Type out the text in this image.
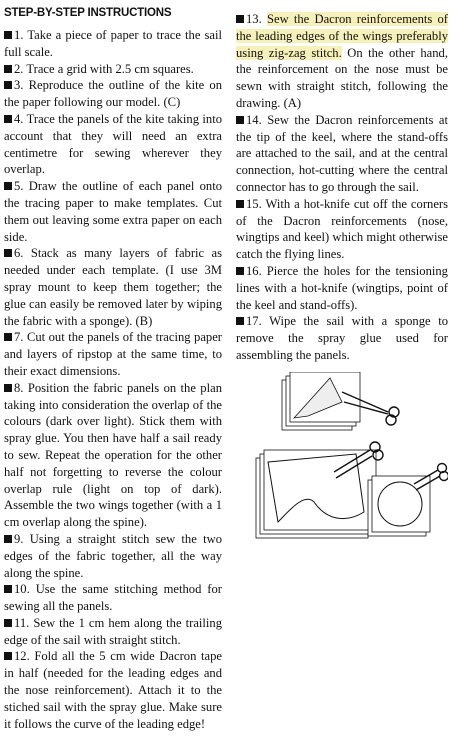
STEP-BY-STEP INSTRUCTIONS

1. Take a piece of paper to trace the sail full scale.

2. Trace a grid with 2.5 cm squares.

3. Reproduce the outline of the kite on the paper following our model. (C)

4. Trace the panels of the kite taking into account that they will need an extra centimetre for sewing wherever they overlap.

5. Draw the outline of each panel onto the tracing paper to make templates. Cut them out leaving some extra paper on each side.

6. Stack as many layers of fabric as needed under each template. (I use 3M spray mount to keep them together; the glue can easily be removed later by wiping the fabric with a sponge). (B)

7. Cut out the panels of the tracing paper and layers of ripstop at the same time, to their exact dimensions.

8. Position the fabric panels on the plan taking into consideration the overlap of the colours (dark over light). Stick them with spray glue. You then have half a sail ready to sew. Repeat the operation for the other half not forgetting to reverse the colour overlap rule (light on top of dark). Assemble the two wings together (with a 1 cm overlap along the spine).

9. Using a straight stitch sew the two edges of the fabric together, all the way along the spine.

10. Use the same stitching method for sewing all the panels.

11. Sew the 1 cm hem along the trailing edge of the sail with straight stitch.

12. Fold all the 5 cm wide Dacron tape in half (needed for the leading edges and the nose reinforcement). Attach it to the stiched sail with the spray glue. Make sure it follows the curve of the leading edge!

13. Sew the Dacron reinforcements of the leading edges of the wings preferably using zig-zag stitch. On the other hand, the reinforcement on the nose must be sewn with straight stitch, following the drawing. (A)

14. Sew the Dacron reinforcements at the tip of the keel, where the stand-offs are attached to the sail, and at the central connection, hot-cutting where the central connector has to go through the sail.

15. With a hot-knife cut off the corners of the Dacron reinforcements (nose, wingtips and keel) which might otherwise catch the flying lines.

16. Pierce the holes for the tensioning lines with a hot-knife (wingtips, point of the keel and stand-offs).

17. Wipe the sail with a sponge to remove the spray glue used for assembling the panels.
